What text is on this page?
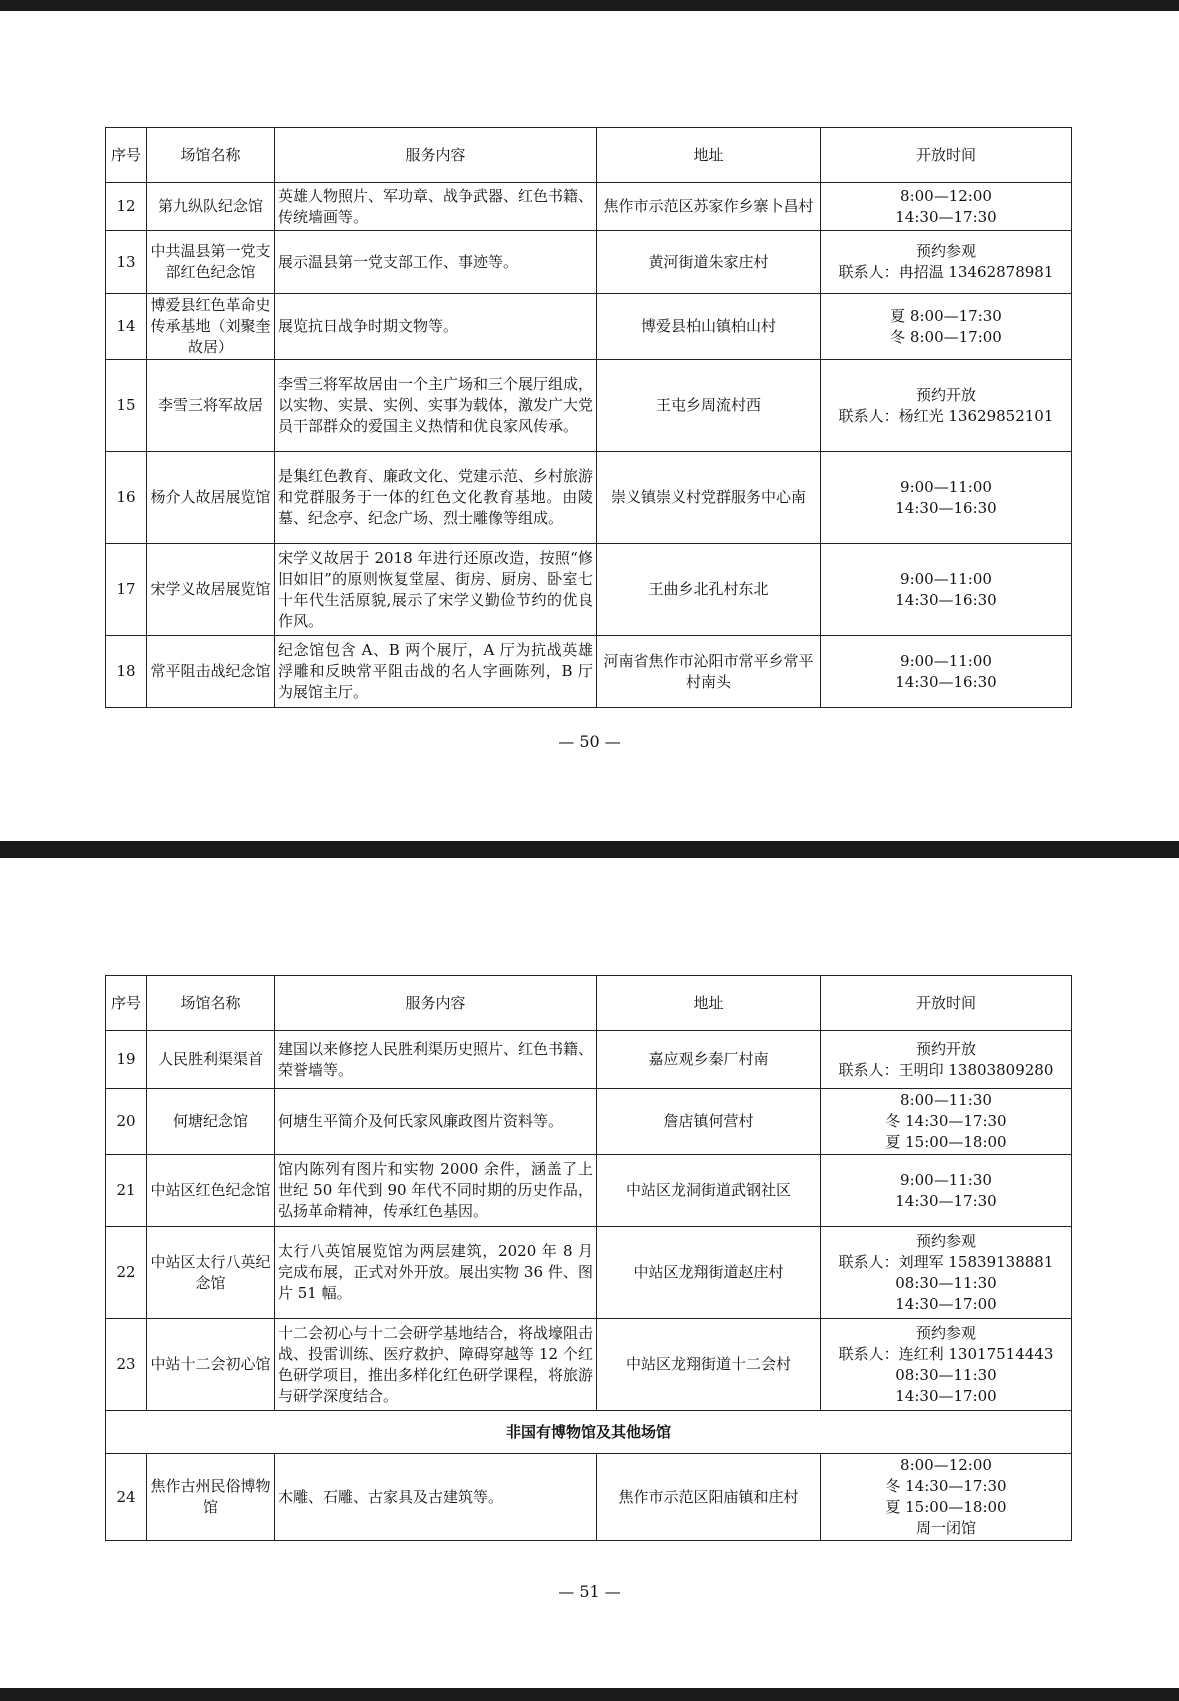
序号	场馆名称	服务内容	地址	开放时间
12	第九纵队纪念馆	英雄人物照片、军功章、战争武器、红色书籍、传统墙画等。	焦作市示范区苏家作乡寨卜昌村	8:00—12:00
14:30—17:30

13	中共温县第一党支部红色纪念馆	展示温县第一党支部工作、事迹等。	黄河街道朱家庄村	预约参观
联系人：冉招温 13462878981

14	博爱县红色革命史传承基地（刘聚奎故居）	展览抗日战争时期文物等。	博爱县柏山镇柏山村	夏 8:00—17:30
冬 8:00—17:00

15	李雪三将军故居	李雪三将军故居由一个主广场和三个展厅组成，以实物、实景、实例、实事为载体，激发广大党员干部群众的爱国主义热情和优良家风传承。	王屯乡周流村西	预约开放
联系人：杨红光 13629852101

16	杨介人故居展览馆	是集红色教育、廉政文化、党建示范、乡村旅游和党群服务于一体的红色文化教育基地。由陵墓、纪念亭、纪念广场、烈士雕像等组成。	崇义镇崇义村党群服务中心南	9:00—11:00
14:30—16:30

17	宋学义故居展览馆	宋学义故居于 2018 年进行还原改造，按照“修旧如旧”的原则恢复堂屋、街房、厨房、卧室七十年代生活原貌,展示了宋学义勤俭节约的优良作风。	王曲乡北孔村东北	9:00—11:00
14:30—16:30

18	常平阻击战纪念馆	纪念馆包含 A、B 两个展厅，A 厅为抗战英雄浮雕和反映常平阻击战的名人字画陈列，B 厅为展馆主厅。	河南省焦作市沁阳市常平乡常平村南头	9:00—11:00
14:30—16:30
— 50 —
序号	场馆名称	服务内容	地址	开放时间
19	人民胜利渠渠首	建国以来修挖人民胜利渠历史照片、红色书籍、荣誉墙等。	嘉应观乡秦厂村南	预约开放
联系人：王明印 13803809280

20	何塘纪念馆	何塘生平简介及何氏家风廉政图片资料等。	詹店镇何营村	8:00—11:30
冬 14:30—17:30
夏 15:00—18:00

21	中站区红色纪念馆	馆内陈列有图片和实物 2000 余件，涵盖了上世纪 50 年代到 90 年代不同时期的历史作品，弘扬革命精神，传承红色基因。	中站区龙洞街道武钢社区	9:00—11:30
14:30—17:30

22	中站区太行八英纪念馆	太行八英馆展览馆为两层建筑，2020 年 8 月完成布展，正式对外开放。展出实物 36 件、图片 51 幅。	中站区龙翔街道赵庄村	预约参观
联系人：刘理军 15839138881
08:30—11:30
14:30—17:00

23	中站十二会初心馆	十二会初心与十二会研学基地结合，将战壕阻击战、投雷训练、医疗救护、障碍穿越等 12 个红色研学项目，推出多样化红色研学课程，将旅游与研学深度结合。	中站区龙翔街道十二会村	预约参观
联系人：连红利 13017514443
08:30—11:30
14:30—17:00

非国有博物馆及其他场馆				
24	焦作古州民俗博物馆	木雕、石雕、古家具及古建筑等。	焦作市示范区阳庙镇和庄村	8:00—12:00
冬 14:30—17:30
夏 15:00—18:00
周一闭馆
— 51 —
